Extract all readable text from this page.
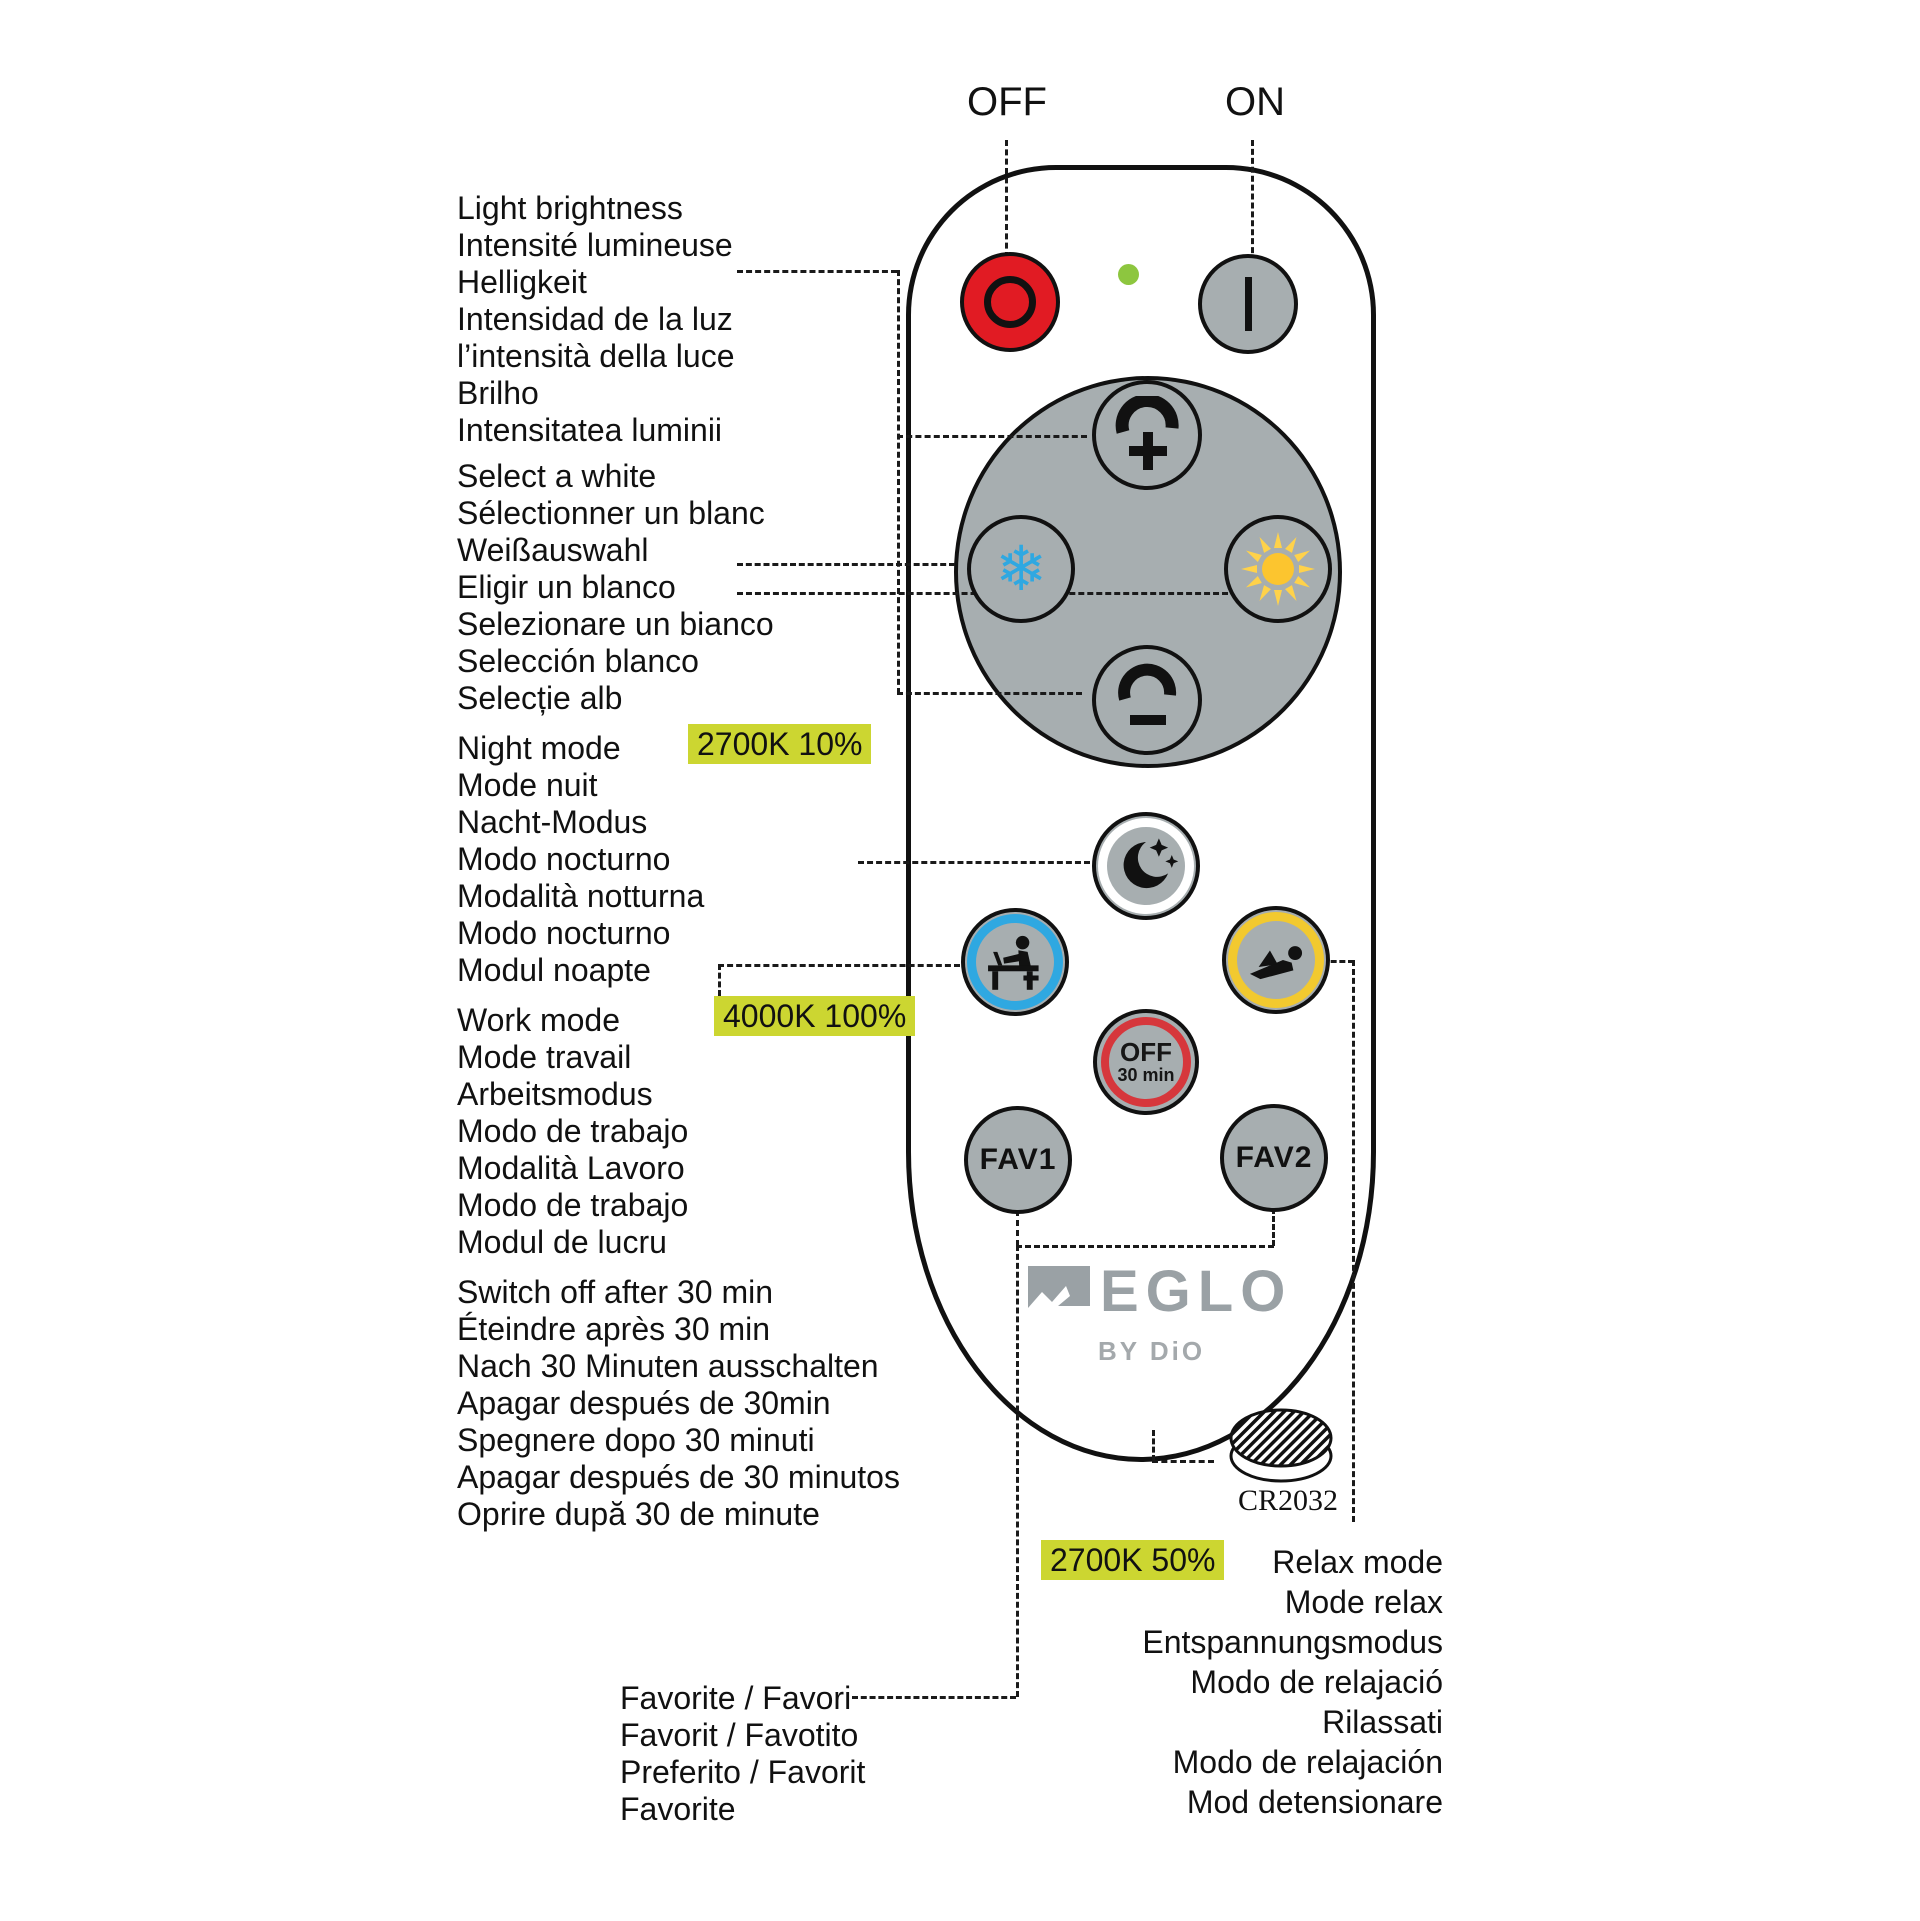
OFF	ON
❄
OFF
30 min
FAV1	FAV2
EGLO
BY DiO
CR2032
Light brightness
Intensité lumineuse
Helligkeit
Intensidad de la luz
l’intensità della luce
Brilho
Intensitatea luminii
Select a white
Sélectionner un blanc
Weißauswahl
Eligir un blanco
Selezionare un bianco
Selección blanco
Selecție alb
Night mode
Mode nuit
Nacht-Modus
Modo nocturno
Modalità notturna
Modo nocturno
Modul noapte
2700K 10%
Work mode
Mode travail
Arbeitsmodus
Modo de trabajo
Modalità Lavoro
Modo de trabajo
Modul de lucru
4000K 100%
Switch off after 30 min
Éteindre après 30 min
Nach 30 Minuten ausschalten
Apagar después de 30min
Spegnere dopo 30 minuti
Apagar después de 30 minutos
Oprire după 30 de minute
Favorite / Favori
Favorit / Favotito
Preferito / Favorit
Favorite
Relax mode
Mode relax
Entspannungsmodus
Modo de relajació
Rilassati
Modo de relajación
Mod detensionare
2700K 50%
